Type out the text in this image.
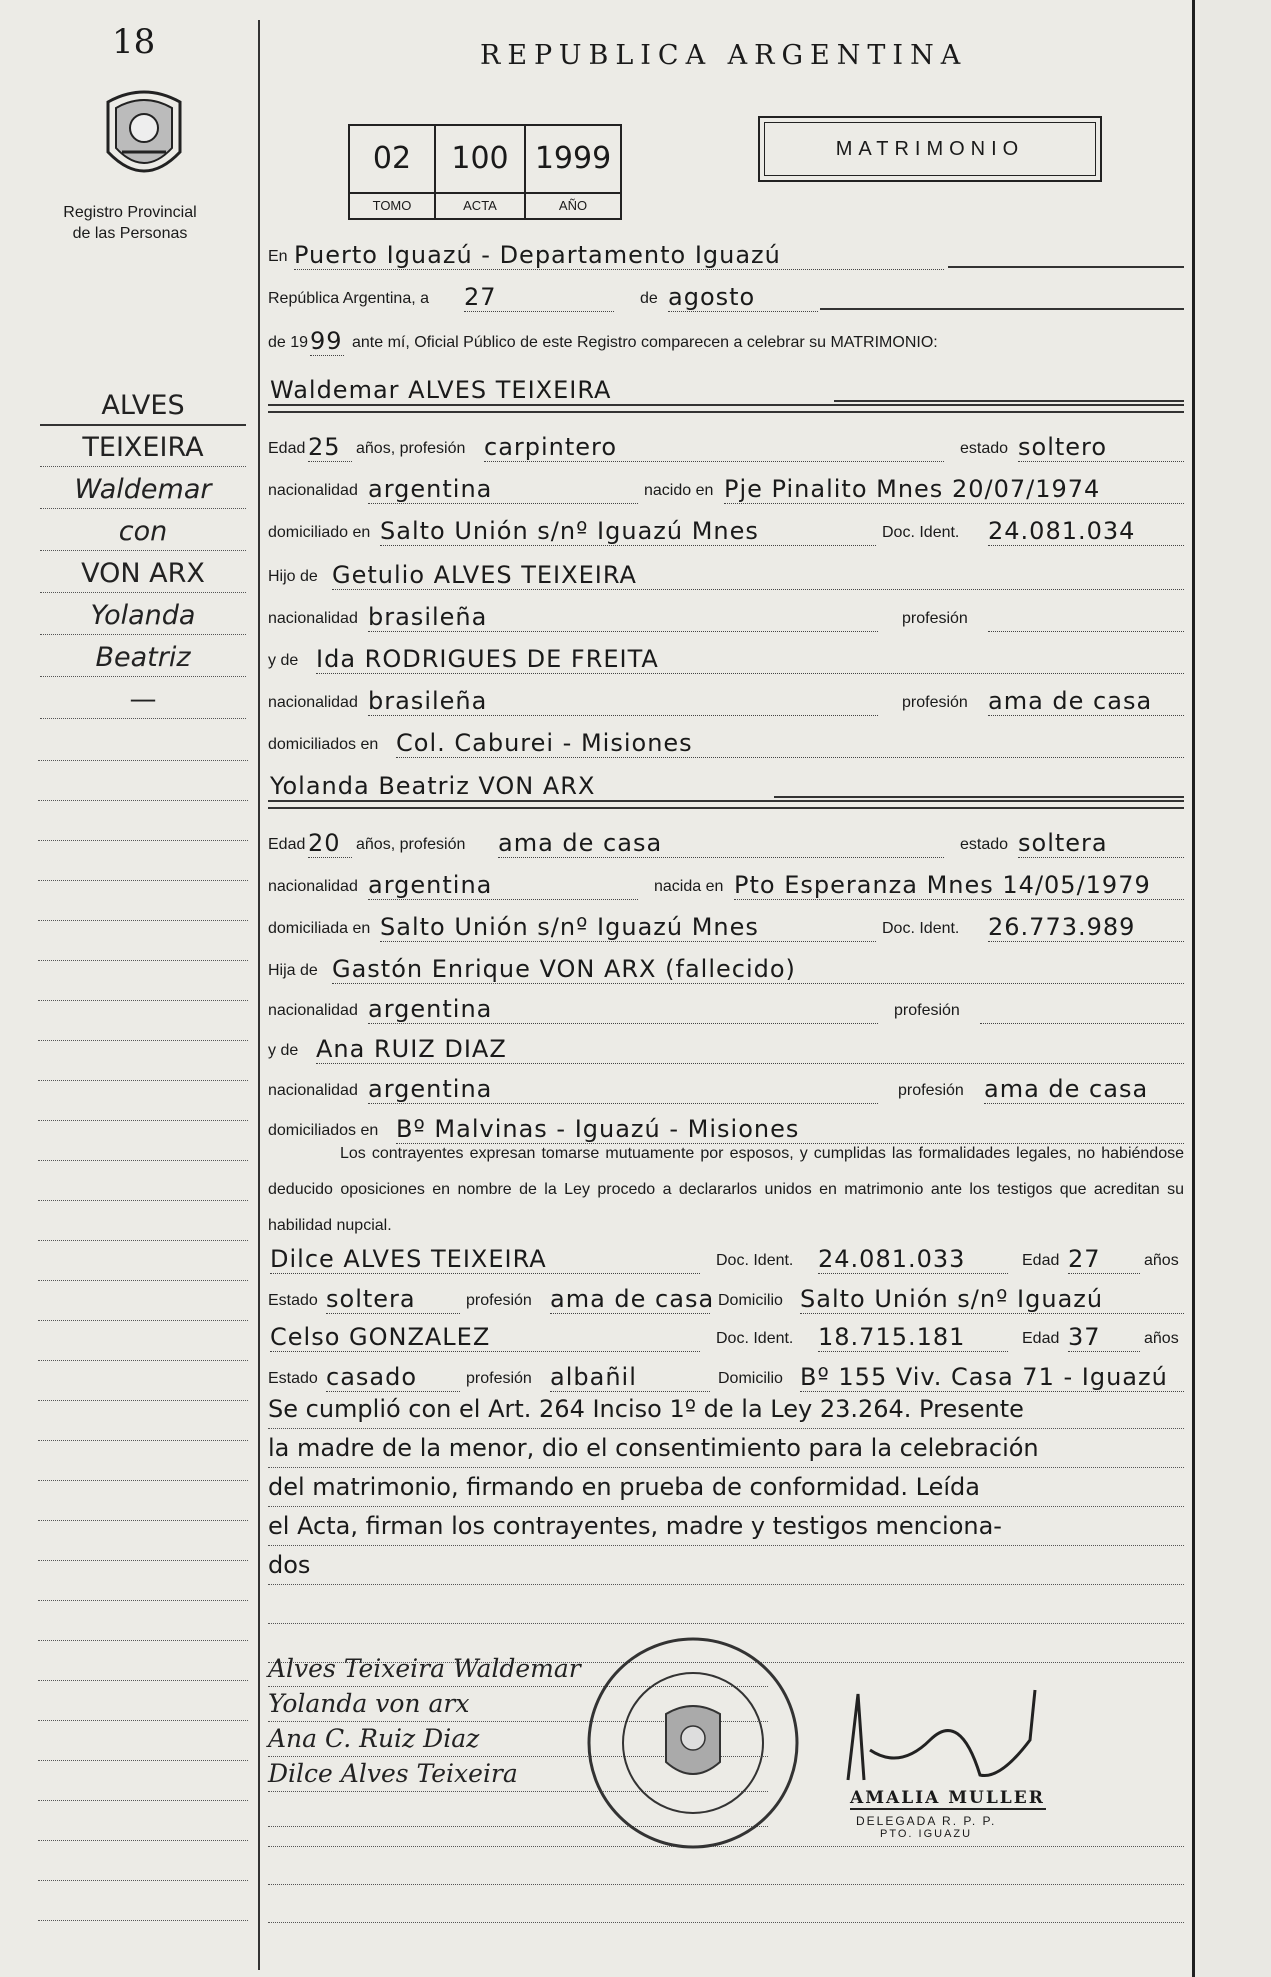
18
Registro Provincial
de las Personas
ALVES
TEIXEIRA
Waldemar
con
VON ARX
Yolanda
Beatriz
—
REPUBLICA ARGENTINA
02	100 1999
TOMO	ACTA	AÑO
MATRIMONIO
En Puerto Iguazú - Departamento Iguazú
República Argentina, a 27	de agosto
de 19 99 ante mí, Oficial Público de este Registro comparecen a celebrar su MATRIMONIO:
Waldemar ALVES TEIXEIRA
Edad 25 años, profesión carpintero	estado soltero
nacionalidad argentina	nacido en Pje Pinalito Mnes 20/07/1974
domiciliado en Salto Unión s/nº Iguazú Mnes	Doc. Ident. 24.081.034
Hijo de Getulio ALVES TEIXEIRA
nacionalidad brasileña	profesión
y de Ida RODRIGUES DE FREITA
nacionalidad brasileña	profesión ama de casa
domiciliados en Col. Caburei - Misiones
Yolanda Beatriz VON ARX
Edad 20 años, profesión ama de casa	estado soltera
nacionalidad argentina	nacida en Pto Esperanza Mnes 14/05/1979
domiciliada en Salto Unión s/nº Iguazú Mnes	Doc. Ident. 26.773.989
Hija de Gastón Enrique VON ARX (fallecido)
nacionalidad argentina	profesión
y de Ana RUIZ DIAZ
nacionalidad argentina	profesión ama de casa
domiciliados en Bº Malvinas - Iguazú - Misiones
Los contrayentes expresan tomarse mutuamente por esposos, y cumplidas las formalidades legales, no habiéndose deducido oposiciones en nombre de la Ley procedo a declararlos unidos en matrimonio ante los testigos que acreditan su habilidad nupcial.
Dilce ALVES TEIXEIRA	Doc. Ident. 24.081.033	Edad 27	años
Estado soltera	profesión ama de casa Domicilio Salto Unión s/nº Iguazú
Celso GONZALEZ	Doc. Ident. 18.715.181	Edad 37	años
Estado casado	profesión albañil	Domicilio Bº 155 Viv. Casa 71 - Iguazú
Se cumplió con el Art. 264 Inciso 1º de la Ley 23.264. Presente
la madre de la menor, dio el consentimiento para la celebración
del matrimonio, firmando en prueba de conformidad. Leída
el Acta, firman los contrayentes, madre y testigos menciona-
dos
Alves Teixeira Waldemar
Yolanda von arx
Ana C. Ruiz Diaz
Dilce Alves Teixeira
AMALIA MULLER
DELEGADA R. P. P.
PTO. IGUAZU
